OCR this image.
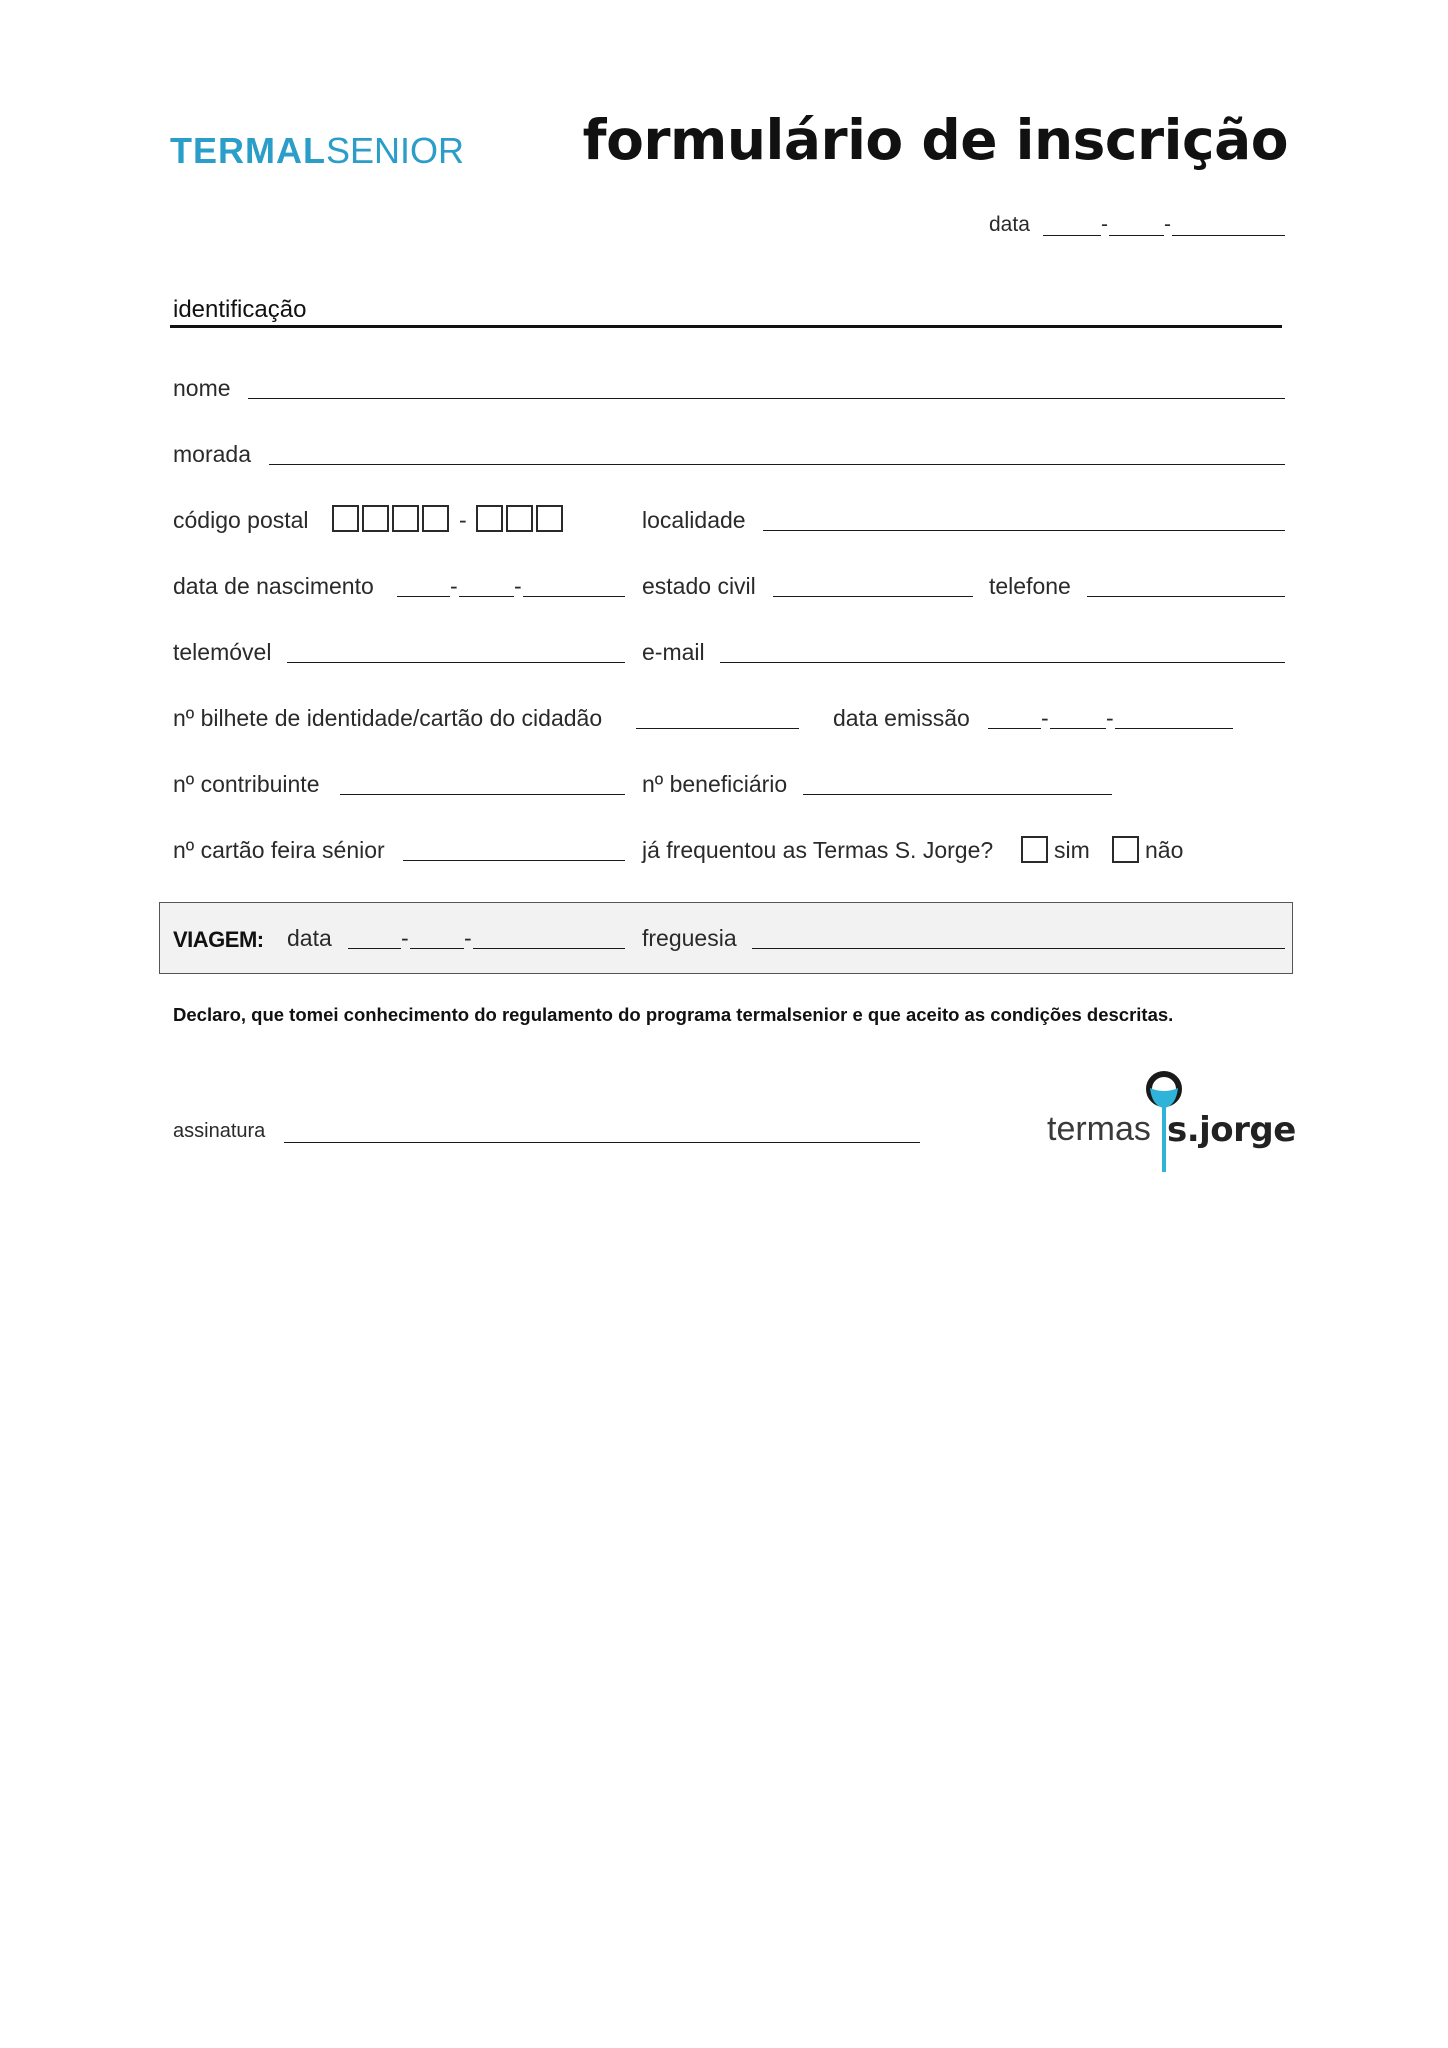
TERMALSENIOR formulário de inscrição
data	-	-
identificação
nome
morada
código postal	-	localidade
data de nascimento	- -	estado civil	telefone
telemóvel	e-mail
nº bilhete de identidade/cartão do cidadão	data emissão	- -
nº contribuinte	nº beneficiário
nº cartão feira sénior	já frequentou as Termas S. Jorge?	sim não
VIAGEM: data	- -	freguesia
Declaro, que tomei conhecimento do regulamento do programa termalsenior e que aceito as condições descritas.
assinatura	termas s.jorge
